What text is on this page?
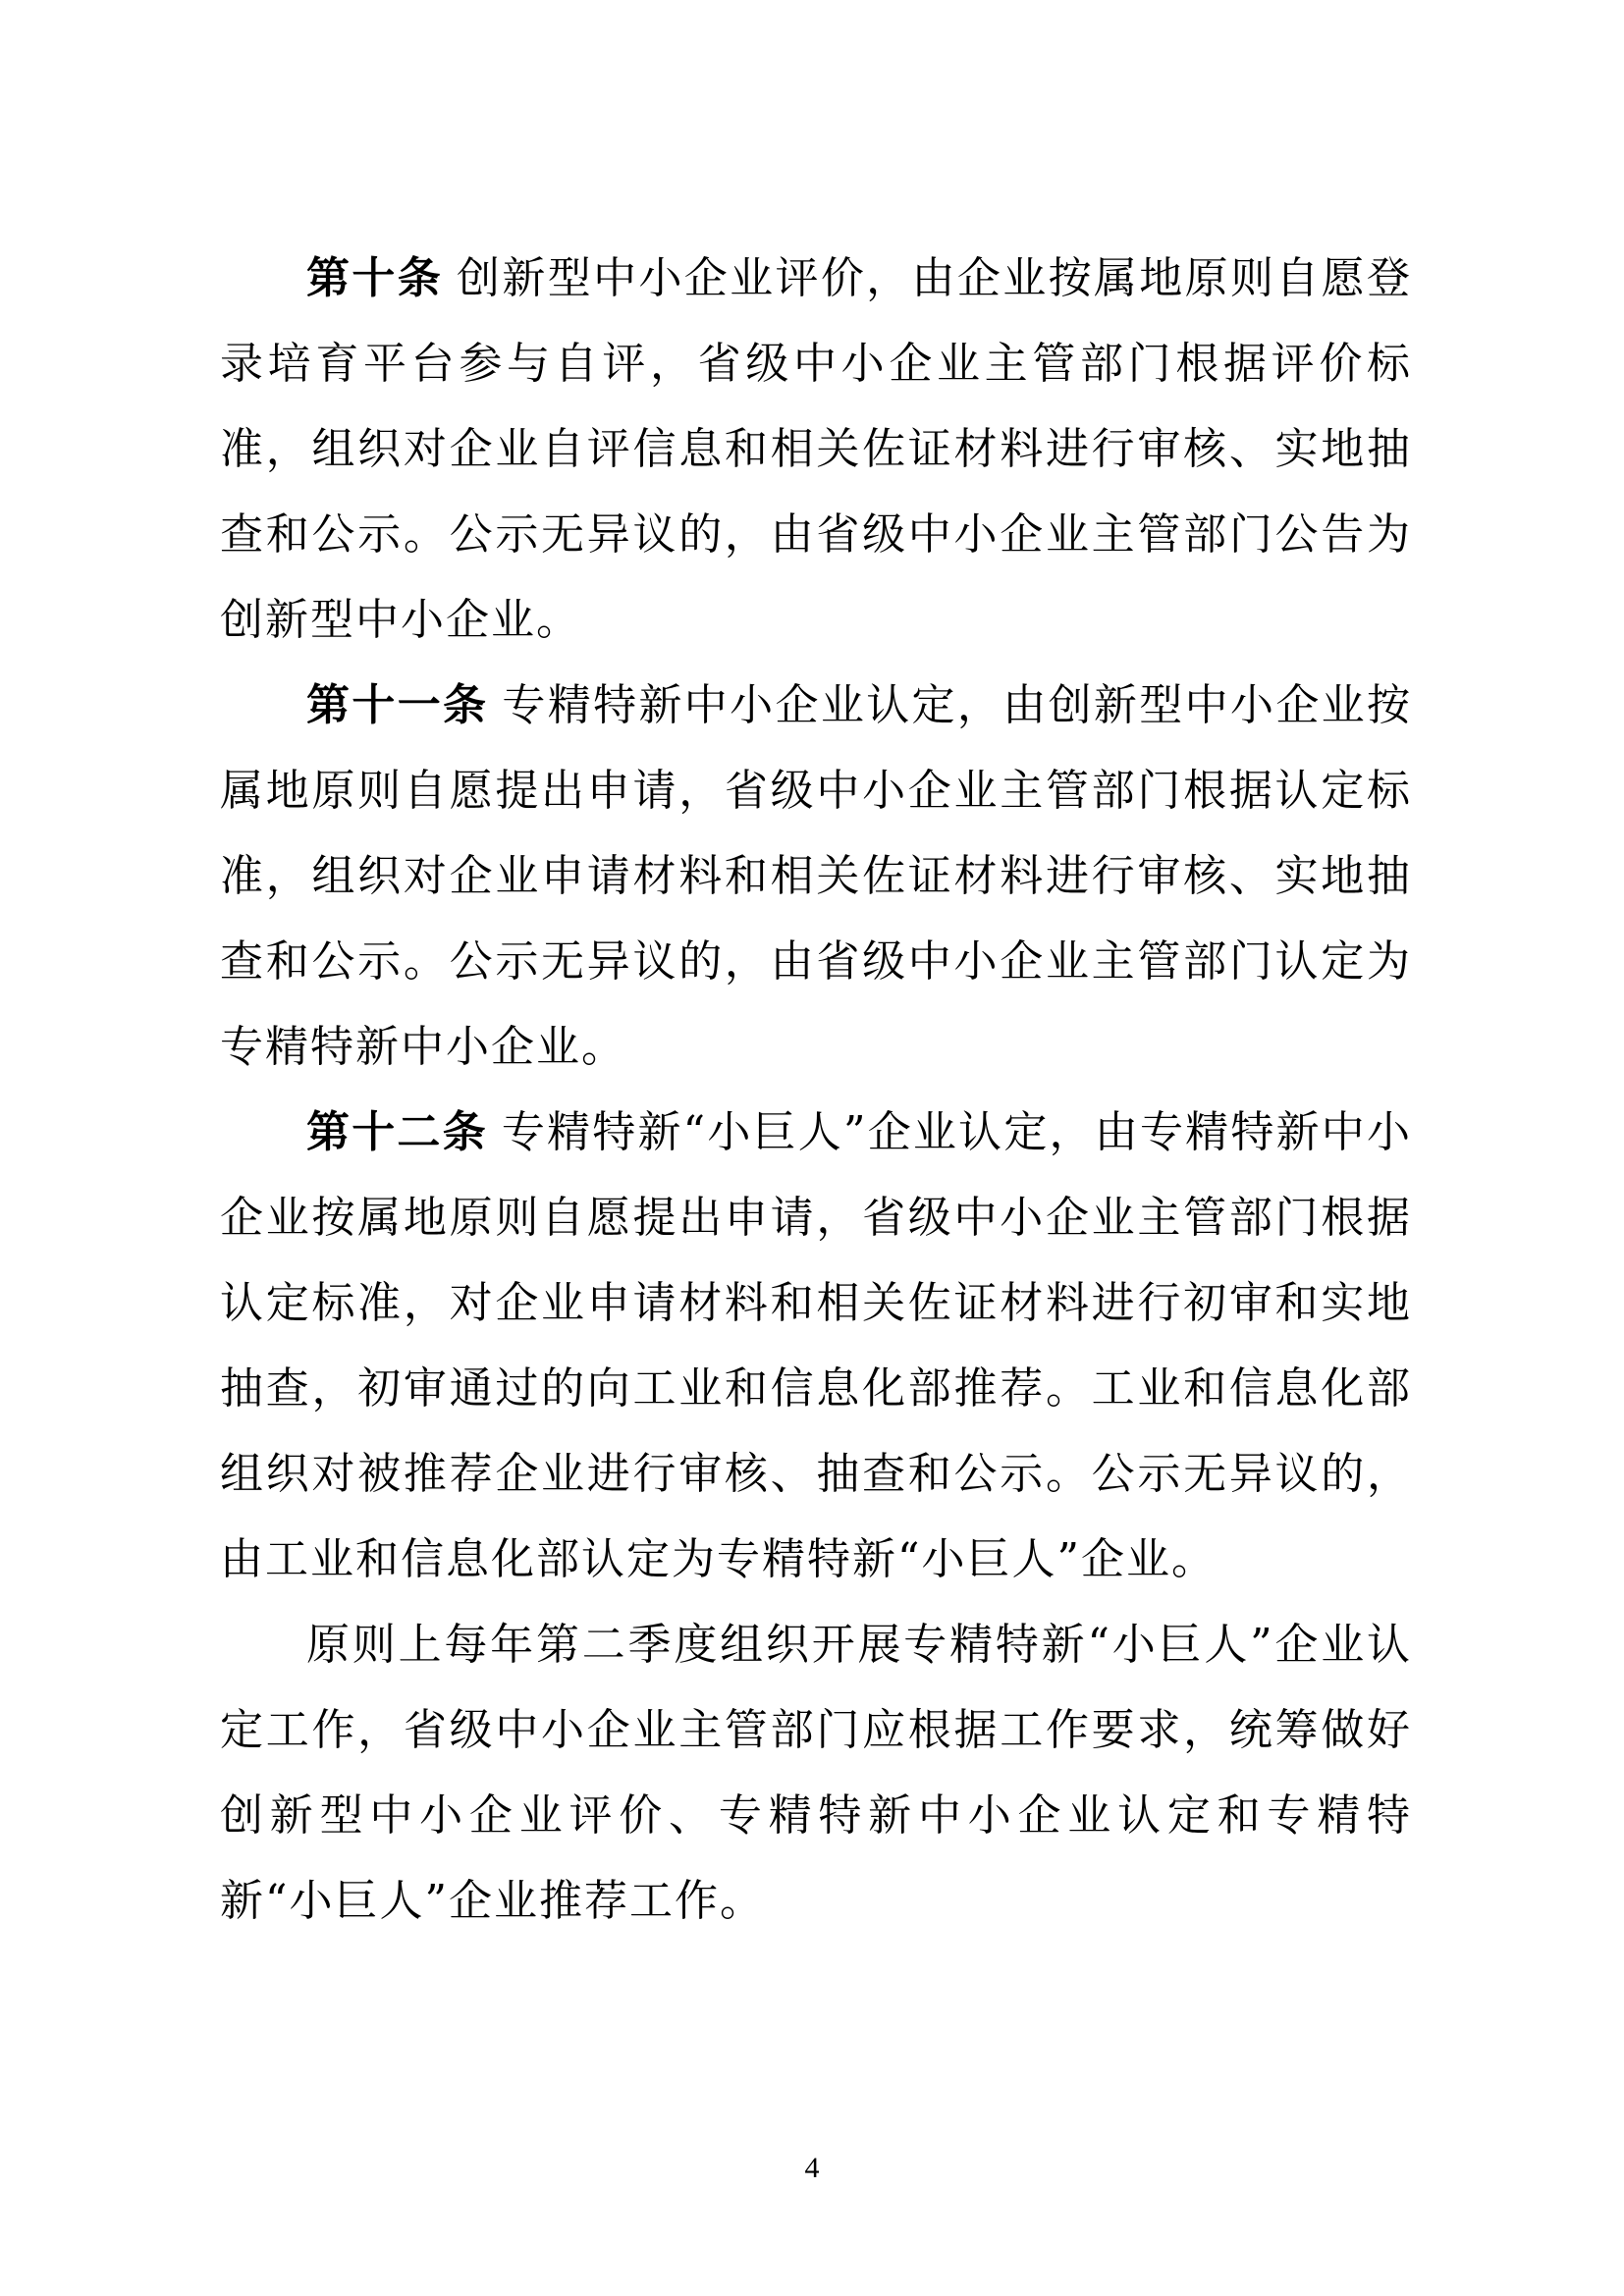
第十条 创新型中小企业评价，由企业按属地原则自愿登录培育平台参与自评，省级中小企业主管部门根据评价标准，组织对企业自评信息和相关佐证材料进行审核、实地抽查和公示。公示无异议的，由省级中小企业主管部门公告为创新型中小企业。

第十一条 专精特新中小企业认定，由创新型中小企业按属地原则自愿提出申请，省级中小企业主管部门根据认定标准，组织对企业申请材料和相关佐证材料进行审核、实地抽查和公示。公示无异议的，由省级中小企业主管部门认定为专精特新中小企业。

第十二条 专精特新“小巨人”企业认定，由专精特新中小企业按属地原则自愿提出申请，省级中小企业主管部门根据认定标准，对企业申请材料和相关佐证材料进行初审和实地抽查，初审通过的向工业和信息化部推荐。工业和信息化部组织对被推荐企业进行审核、抽查和公示。公示无异议的，由工业和信息化部认定为专精特新“小巨人”企业。

原则上每年第二季度组织开展专精特新“小巨人”企业认定工作，省级中小企业主管部门应根据工作要求，统筹做好创新型中小企业评价、专精特新中小企业认定和专精特新“小巨人”企业推荐工作。

4
